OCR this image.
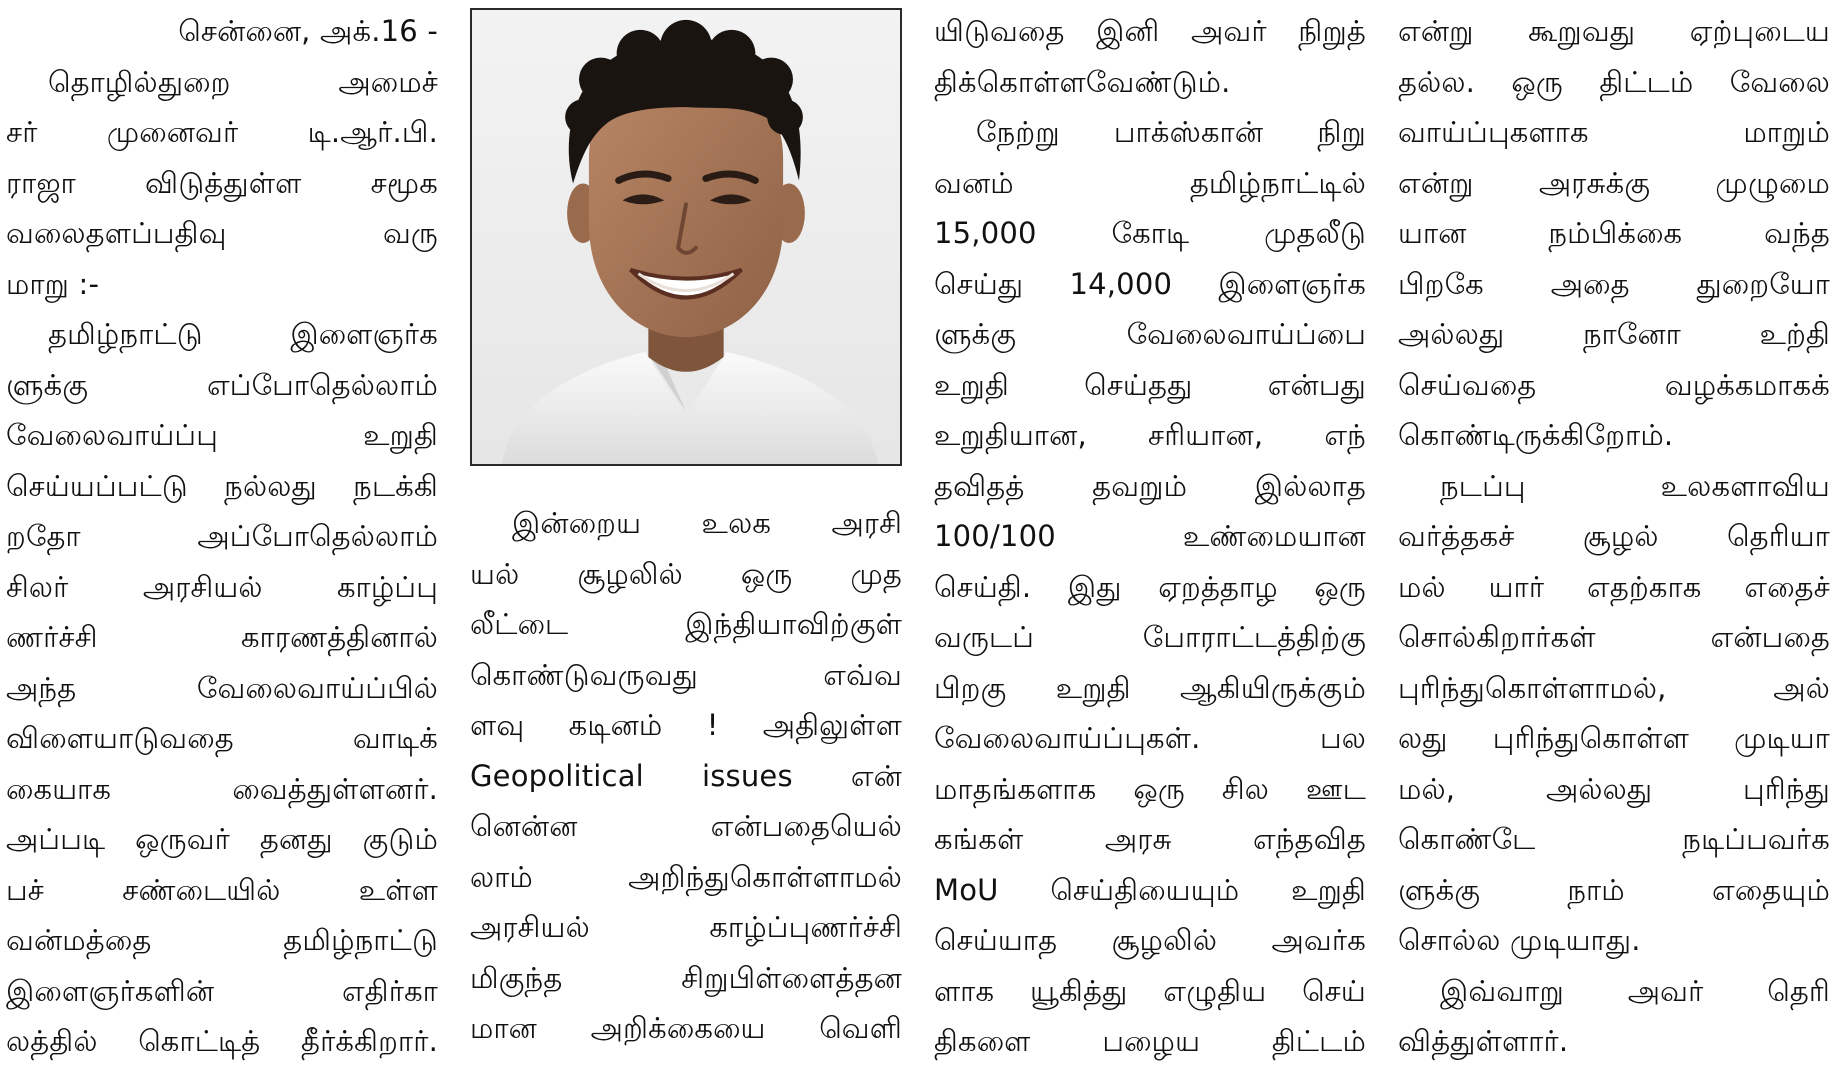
சென்னை, அக்.16 -
தொழில்துறை அமைச்
சர் முனைவர் டி.ஆர்.பி.
ராஜா விடுத்துள்ள சமூக
வலைதளப்பதிவு வரு
மாறு :-
தமிழ்நாட்டு இளைஞர்க
ளுக்கு எப்போதெல்லாம்
வேலைவாய்ப்பு உறுதி
செய்யப்பட்டு நல்லது நடக்கி
றதோ அப்போதெல்லாம்
சிலர் அரசியல் காழ்ப்பு
ணர்ச்சி காரணத்தினால்
அந்த வேலைவாய்ப்பில்
விளையாடுவதை வாடிக்
கையாக வைத்துள்ளனர்.
அப்படி ஒருவர் தனது குடும்
பச் சண்டையில் உள்ள
வன்மத்தை தமிழ்நாட்டு
இளைஞர்களின் எதிர்கா
லத்தில் கொட்டித் தீர்க்கிறார்.
இன்றைய உலக அரசி
யல் சூழலில் ஒரு முத
லீட்டை இந்தியாவிற்குள்
கொண்டுவருவது எவ்வ
ளவு கடினம் ! அதிலுள்ள
Geopolitical issues என்
னென்ன என்பதையெல்
லாம் அறிந்துகொள்ளாமல்
அரசியல் காழ்ப்புணர்ச்சி
மிகுந்த சிறுபிள்ளைத்தன
மான அறிக்கையை வெளி
யிடுவதை இனி அவர் நிறுத்
திக்கொள்ளவேண்டும்.
நேற்று பாக்ஸ்கான் நிறு
வனம் தமிழ்நாட்டில்
15,000 கோடி முதலீடு
செய்து 14,000 இளைஞர்க
ளுக்கு வேலைவாய்ப்பை
உறுதி செய்தது என்பது
உறுதியான, சரியான, எந்
தவிதத் தவறும் இல்லாத
100/100 உண்மையான
செய்தி. இது ஏறத்தாழ ஒரு
வருடப் போராட்டத்திற்கு
பிறகு உறுதி ஆகியிருக்கும்
வேலைவாய்ப்புகள். பல
மாதங்களாக ஒரு சில ஊட
கங்கள் அரசு எந்தவித
MoU செய்தியையும் உறுதி
செய்யாத சூழலில் அவர்க
ளாக யூகித்து எழுதிய செய்
திகளை பழைய திட்டம்
என்று கூறுவது ஏற்புடைய
தல்ல. ஒரு திட்டம் வேலை
வாய்ப்புகளாக மாறும்
என்று அரசுக்கு முழுமை
யான நம்பிக்கை வந்த
பிறகே அதை துறையோ
அல்லது நானோ உற்தி
செய்வதை வழக்கமாகக்
கொண்டிருக்கிறோம்.
நடப்பு உலகளாவிய
வர்த்தகச் சூழல் தெரியா
மல் யார் எதற்காக எதைச்
சொல்கிறார்கள் என்பதை
புரிந்துகொள்ளாமல், அல்
லது புரிந்துகொள்ள முடியா
மல், அல்லது புரிந்து
கொண்டே நடிப்பவர்க
ளுக்கு நாம் எதையும்
சொல்ல முடியாது.
இவ்வாறு அவர் தெரி
வித்துள்ளார்.
